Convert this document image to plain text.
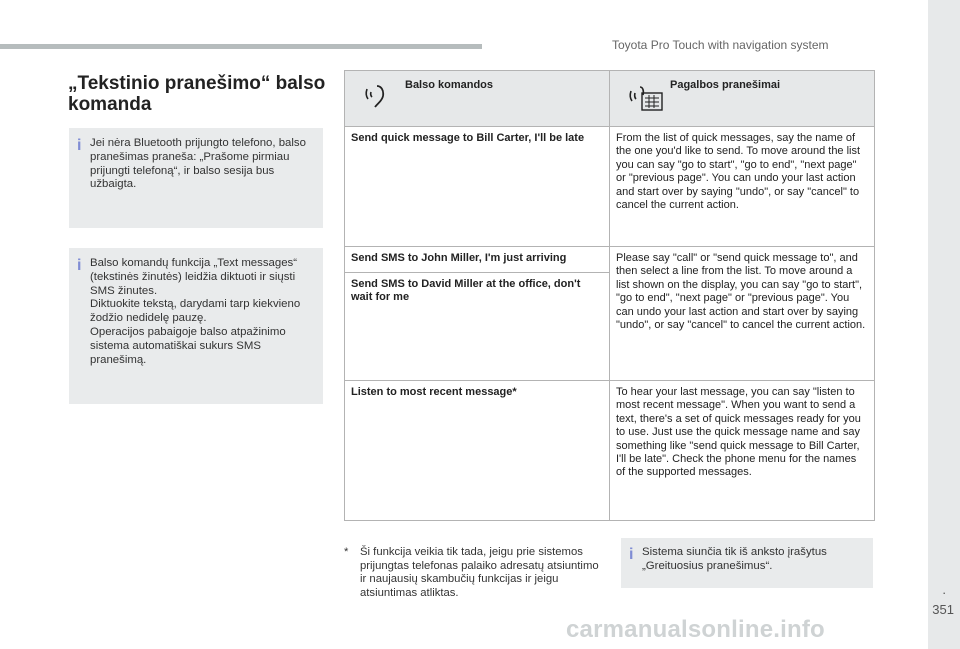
Toyota Pro Touch with navigation system
.
351
„Tekstinio pranešimo“ balso komanda
i Jei nėra Bluetooth prijungto telefono, balso pranešimas praneša: „Prašome pirmiau prijungti telefoną“, ir balso sesija bus užbaigta.

i Balso komandų funkcija „Text messages“ (tekstinės žinutės) leidžia diktuoti ir siųsti SMS žinutes.

Diktuokite tekstą, darydami tarp kiekvieno žodžio nedidelę pauzę.

Operacijos pabaigoje balso atpažinimo sistema automatiškai sukurs SMS pranešimą.

Balso komandos	Pagalbos pranešimai

Send quick message to Bill Carter, I'll be late	From the list of quick messages, say the name of the one you'd like to send. To move around the list you can say "go to start", "go to end", "next page" or "previous page". You can undo your last action and start over by saying "undo", or say "cancel" to cancel the current action.
Send SMS to John Miller, I'm just arriving	Please say "call" or "send quick message to", and then select a line from the list. To move around a list shown on the display, you can say "go to start", "go to end", "next page" or "previous page". You can undo your last action and start over by saying "undo", or say "cancel" to cancel the current action.
Send SMS to David Miller at the office, don't wait for me	
Listen to most recent message*	To hear your last message, you can say "listen to most recent message". When you want to send a text, there's a set of quick messages ready for you to use. Just use the quick message name and say something like "send quick message to Bill Carter, I'll be late". Check the phone menu for the names of the supported messages.
* Ši funkcija veikia tik tada, jeigu prie sistemos prijungtas telefonas palaiko adresatų atsiuntimo ir naujausių skambučių funkcijas ir jeigu atsiuntimas atliktas.
i Sistema siunčia tik iš anksto įrašytus „Greituosius pranešimus“.
carmanualsonline.info
